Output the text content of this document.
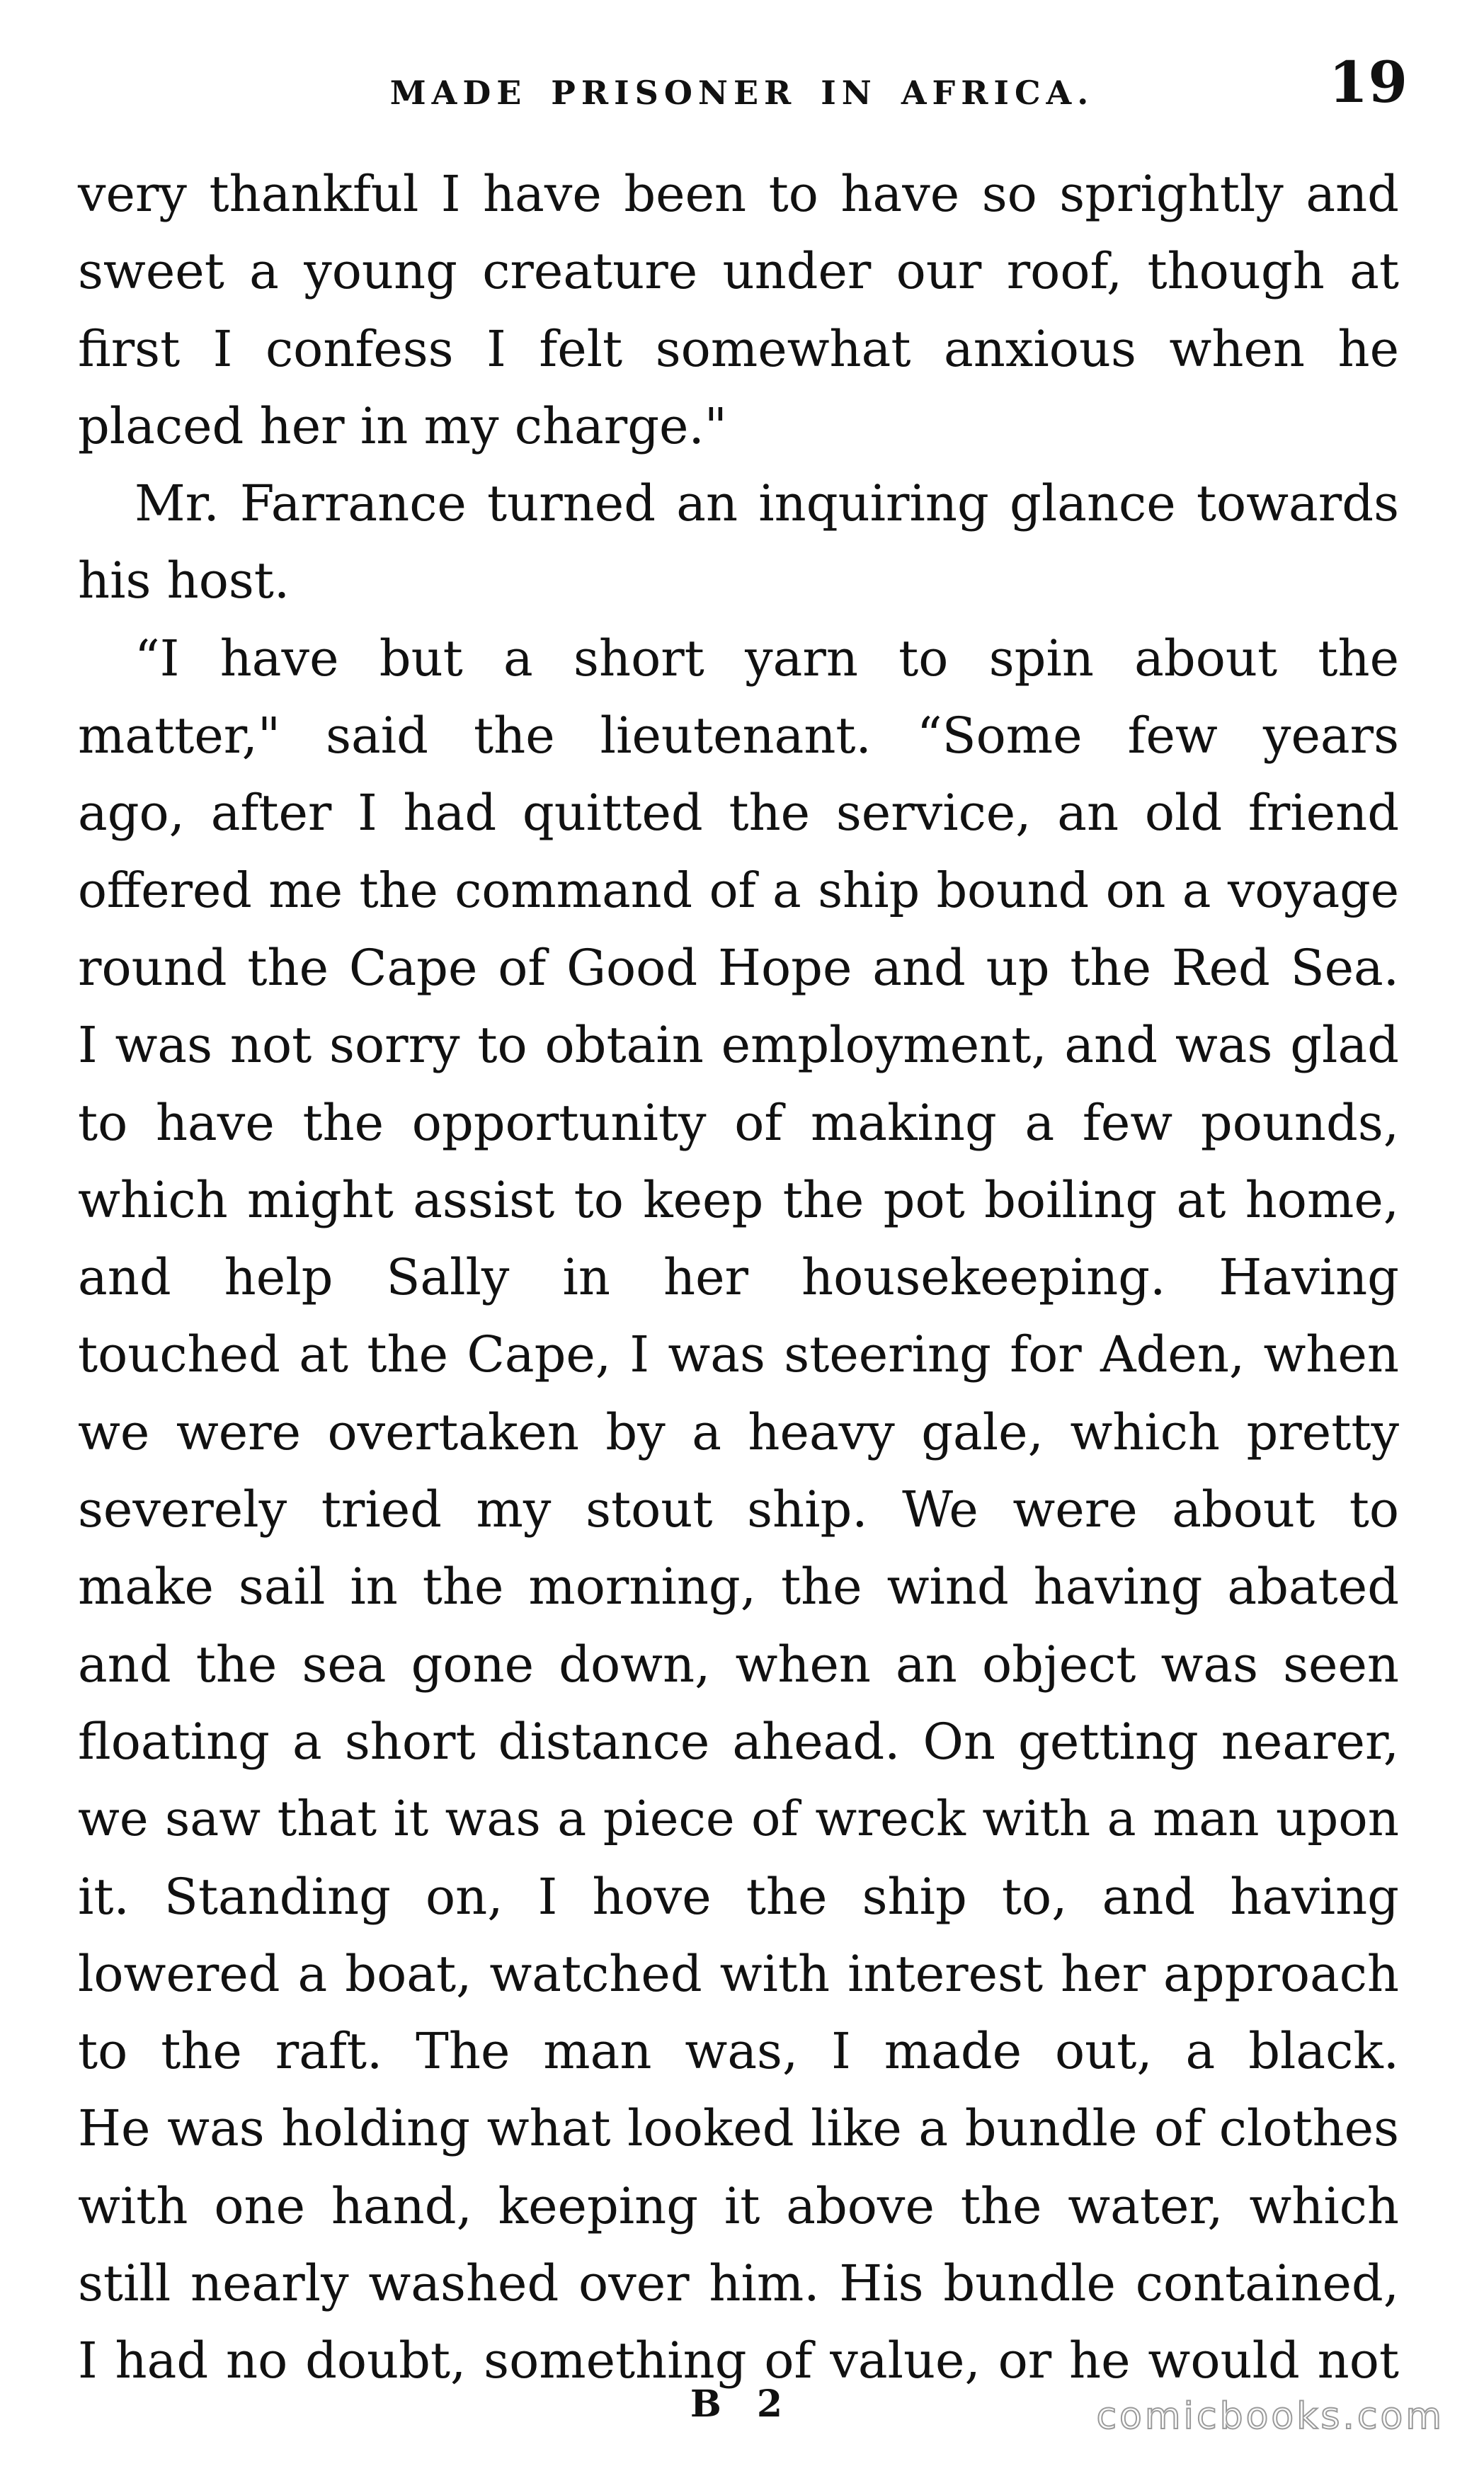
MADE PRISONER IN AFRICA.	19
very thankful I have been to have so sprightly and
sweet a young creature under our roof, though at
first I confess I felt somewhat anxious when he
placed her in my charge."
Mr. Farrance turned an inquiring glance towards
his host.
“I have but a short yarn to spin about the
matter," said the lieutenant. “Some few years
ago, after I had quitted the service, an old friend
offered me the command of a ship bound on a voyage
round the Cape of Good Hope and up the Red Sea.
I was not sorry to obtain employment, and was glad
to have the opportunity of making a few pounds,
which might assist to keep the pot boiling at home,
and help Sally in her housekeeping. Having
touched at the Cape, I was steering for Aden, when
we were overtaken by a heavy gale, which pretty
severely tried my stout ship. We were about to
make sail in the morning, the wind having abated
and the sea gone down, when an object was seen
floating a short distance ahead. On getting nearer,
we saw that it was a piece of wreck with a man upon
it. Standing on, I hove the ship to, and having
lowered a boat, watched with interest her approach
to the raft. The man was, I made out, a black.
He was holding what looked like a bundle of clothes
with one hand, keeping it above the water, which
still nearly washed over him. His bundle contained,
I had no doubt, something of value, or he would not
B 2	comicbooks.com
